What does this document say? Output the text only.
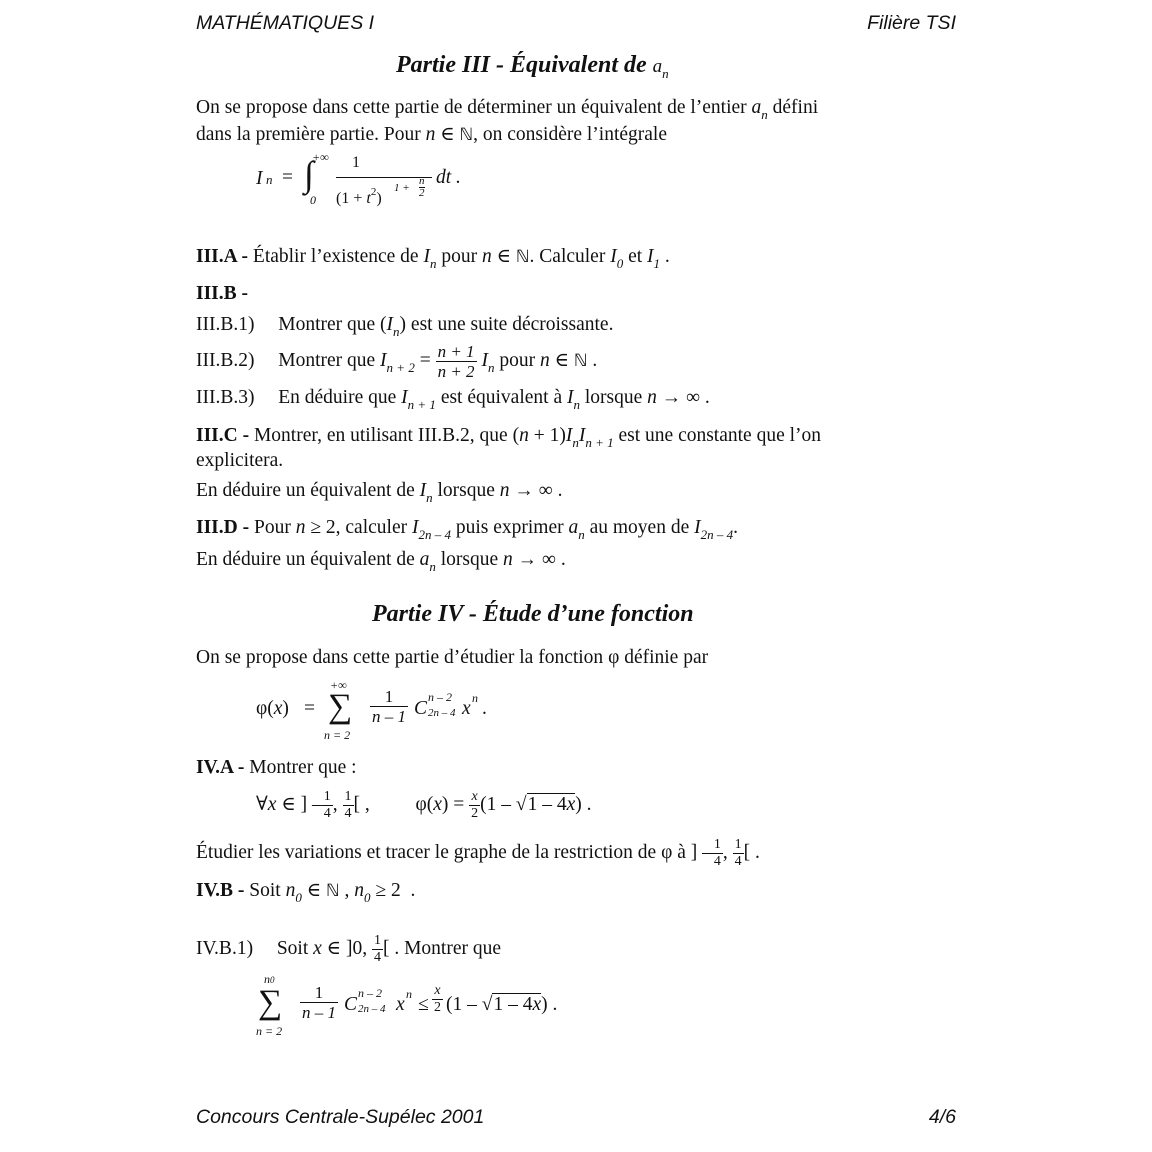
MATHÉMATIQUES I	Filière TSI
Partie III - Équivalent de $a_n$
On se propose dans cette partie de déterminer un équivalent de l’entier $a_n$ défini
dans la première partie. Pour n ∈ ℕ, on considère l’intégrale
I $_n$ = ∫
+∞
0
1
$(1 + t^2)$
1 +
n
2
dt .
III.A - Établir l’existence de $I_n$ pour n ∈ ℕ. Calculer $I_0$ et $I_1$ .
III.B -
III.B.1) Montrer que $(I_n)$ est une suite décroissante.
III.B.2) Montrer que $I_{n + 2} = \frac{n + 1}{n + 2} I_n$ pour n ∈ ℕ .
III.B.3) En déduire que $I_{n + 1}$ est équivalent à $I_n$ lorsque n → ∞ .
III.C - Montrer, en utilisant III.B.2, que $(n + 1)I_nI_{n + 1}$ est une constante que l’on
explicitera.
En déduire un équivalent de $I_n$ lorsque n → ∞ .
III.D - Pour n ≥ 2, calculer $I_{2n - 4}$ puis exprimer $a_n$ au moyen de $I_{2n - 4}$.
En déduire un équivalent de $a_n$ lorsque n → ∞ .
Partie IV - Étude d’une fonction
On se propose dans cette partie d’étudier la fonction φ définie par
φ(x) =
+∞
∑
n = 2
$\frac{1}{n - 1}$ C $_{2n - 4}$
n – 2
x n .
IV.A - Montrer que :
∀x ∈ ] – $\frac{1}{4}$ , $\frac{1}{4}$ [ ,  $\varphi(x) = \frac{x}{2} (1 - √1 - 4x)$ .
Étudier les variations et tracer le graphe de la restriction de φ à ] – $\frac{1}{4}$ , $\frac{1}{4}$ [ .
IV.B - Soit $n_0$ ∈ ℕ , $n_0 \ge 2$  .
IV.B.1) Soit x ∈ ]0, $\frac{1}{4}$ [ . Montrer que
n0
∑
n = 2
$\frac{1}{n - 1}$ C $_{2n - 4}$
n – 2
x $n \le \frac{x}{2} (1 - √1 - 4x)$ .
Concours Centrale-Supélec 2001	4/6
